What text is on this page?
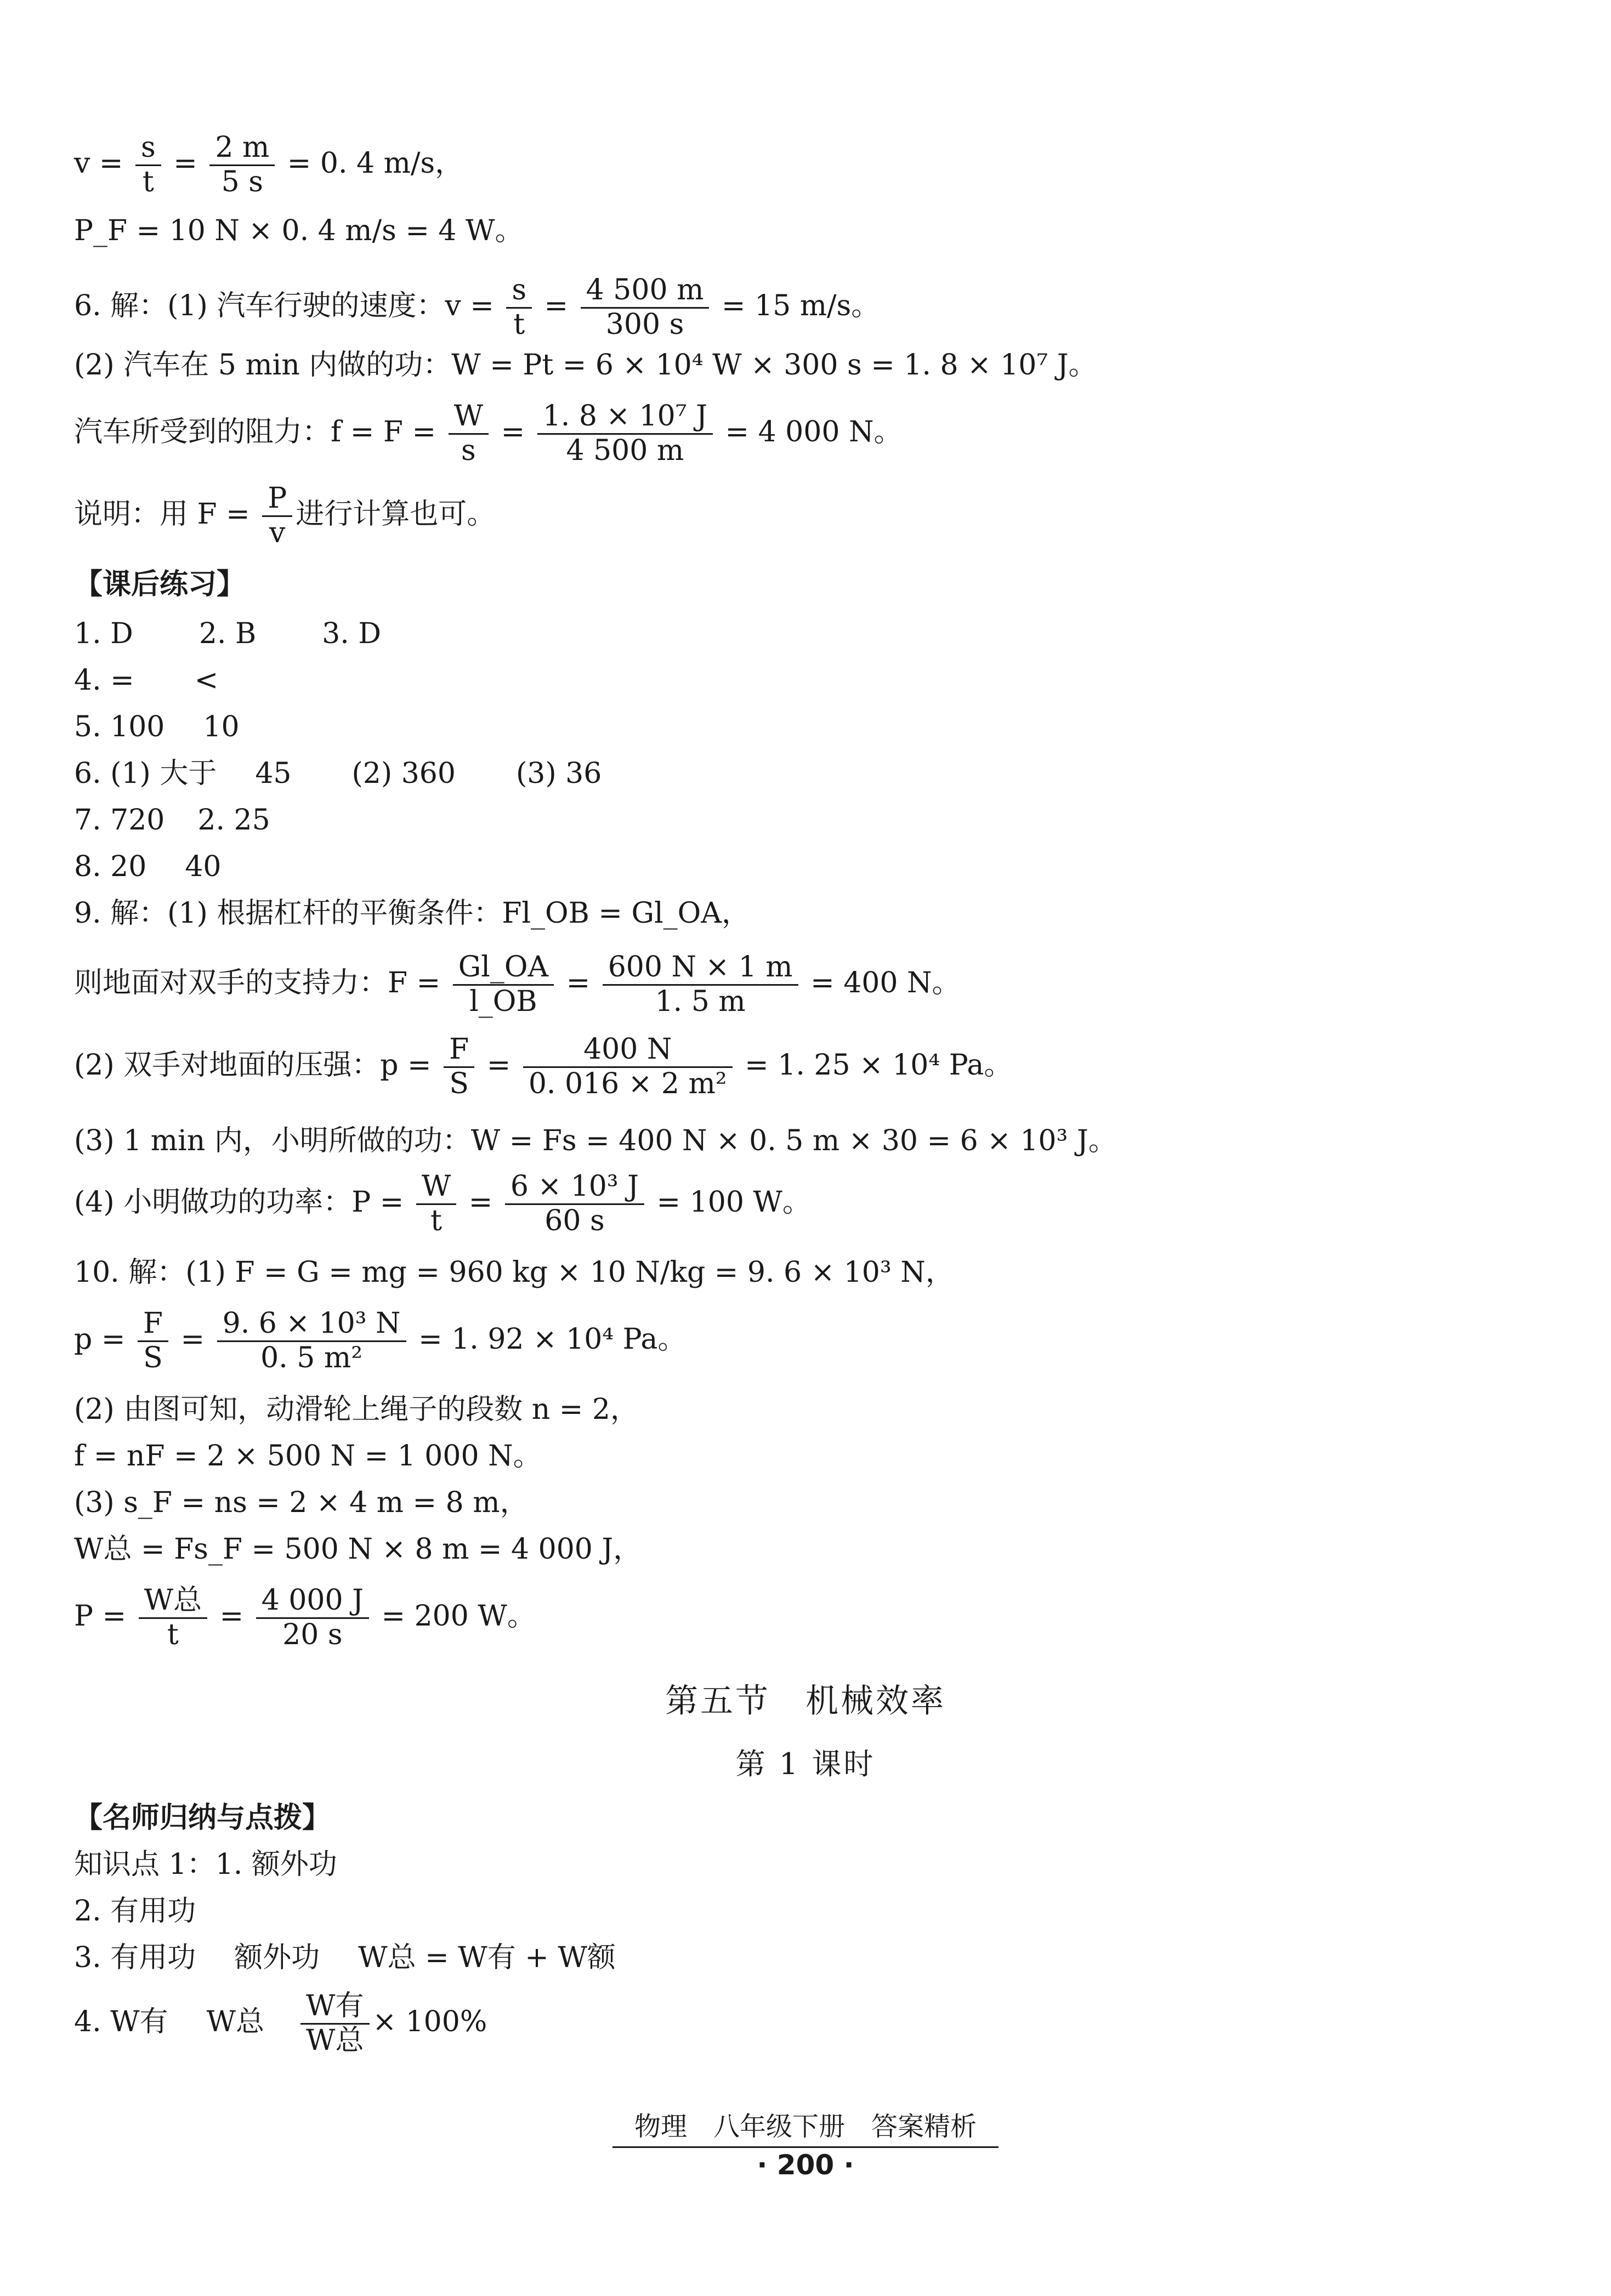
$v = \frac{s}{t} = \frac{2 m}{5 s} = 0$. 4 m/s，
P_F = 10 N × 0. 4 m/s = 4 W。
6. 解：(1) 汽车行驶的速度：$v = \frac{s}{t} = \frac{4 500 m}{300 s} = 15$ m/s。
(2) 汽车在 5 min 内做的功：W = Pt = 6 × 10⁴ W × 300 s = 1. 8 × 10⁷ J。
汽车所受到的阻力：$f = F = \frac{W}{s} = \frac{\text{1. 8 × 10⁷ J}}{4 500 m} = 4$ 000 N。
说明：用 $F = \frac{P}{v}$ 进行计算也可。
【课后练习】
1. D 2. B 3. D
4. = <
5. 100 10
6. (1) 大于 45 (2) 360 (3) 36
7. 720 2. 25
8. 20 40
9. 解：(1) 根据杠杆的平衡条件：Fl_OB = Gl_OA，
则地面对双手的支持力：$F = \frac{Gl\_OA}{l\_OB} = \frac{600 N \times 1 m}{1. 5 m} = 400$ N。
(2) 双手对地面的压强：$p = \frac{F}{S} = \frac{400 N}{\text{0. 016 × 2 m²}} = 1$. 25 × 10⁴ Pa。
(3) 1 min 内，小明所做的功：W = Fs = 400 N × 0. 5 m × 30 = 6 × 10³ J。
(4) 小明做功的功率：$P = \frac{W}{t} = \frac{\text{6 × 10³ J}}{60 s} = 100$ W。
10. 解：(1) F = G = mg = 960 kg × 10 N/kg = 9. 6 × 10³ N，
$p = \frac{F}{S} = \frac{\text{9. 6 × 10³ N}}{\text{0. 5 m²}} = 1$. 92 × 10⁴ Pa。
(2) 由图可知，动滑轮上绳子的段数 n = 2，
f = nF = 2 × 500 N = 1 000 N。
(3) s_F = ns = 2 × 4 m = 8 m，
W总 = Fs_F = 500 N × 8 m = 4 000 J，
$P = \frac{\text{W总}}{t} = \frac{4 000 J}{20 s} = 200$ W。
第五节　机械效率
第 1 课时
【名师归纳与点拨】
知识点 1：1. 额外功
2. 有用功
3. 有用功 额外功 W总 = W有 + W额
4. W有 W总 $\frac{\text{W有}}{\text{W总}} \times 100\%$
物理　八年级下册　答案精析
· 200 ·
